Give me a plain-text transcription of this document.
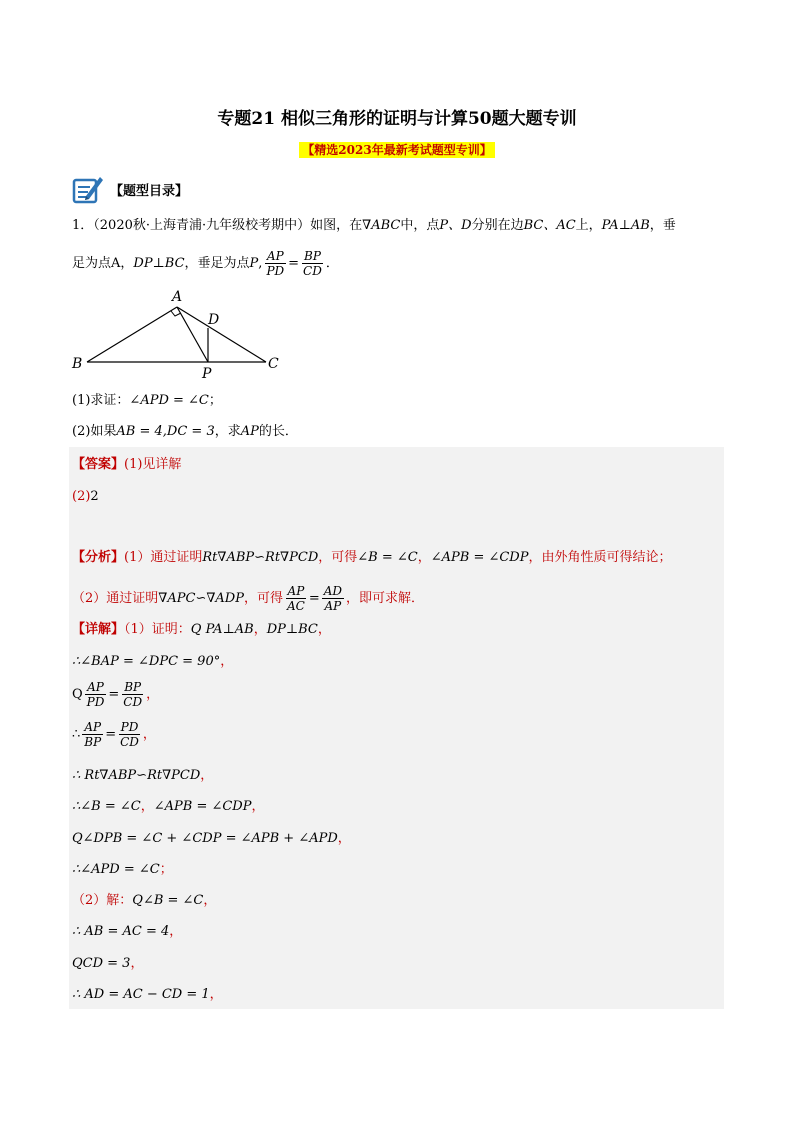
专题21 相似三角形的证明与计算50题大题专训
【精选2023年最新考试题型专训】
【题型目录】
1．（2020秋·上海青浦·九年级校考期中）如图，在∇ABC中，点P、D分别在边BC、AC上，PA⊥AB，垂
足为点A，DP⊥BC，垂足为点P, $\frac{AP}{PD} = \frac{BP}{CD}$ ．
A
B	C
D
P
(1)求证：∠APD = ∠C；
(2)如果AB = 4,DC = 3，求AP的长．
【答案】(1)见详解
(2)2
【分析】(1）通过证明Rt∇ABP∽Rt∇PCD，可得∠B = ∠C，∠APB = ∠CDP，由外角性质可得结论；
（2）通过证明∇APC∽∇ADP，可得 $\frac{AP}{AC} = \frac{AD}{AP}$ ，即可求解．
【详解】（1）证明：Q PA⊥AB，DP⊥BC，
∴∠BAP = ∠DPC = 90°，
Q $\frac{AP}{PD} = \frac{BP}{CD}$ ，
∴ $\frac{AP}{BP} = \frac{PD}{CD}$ ，
∴ Rt∇ABP∽Rt∇PCD，
∴∠B = ∠C，∠APB = ∠CDP，
Q∠DPB = ∠C + ∠CDP = ∠APB + ∠APD，
∴∠APD = ∠C；
（2）解：Q∠B = ∠C，
∴ AB = AC = 4，
QCD = 3，
∴ AD = AC − CD = 1，
